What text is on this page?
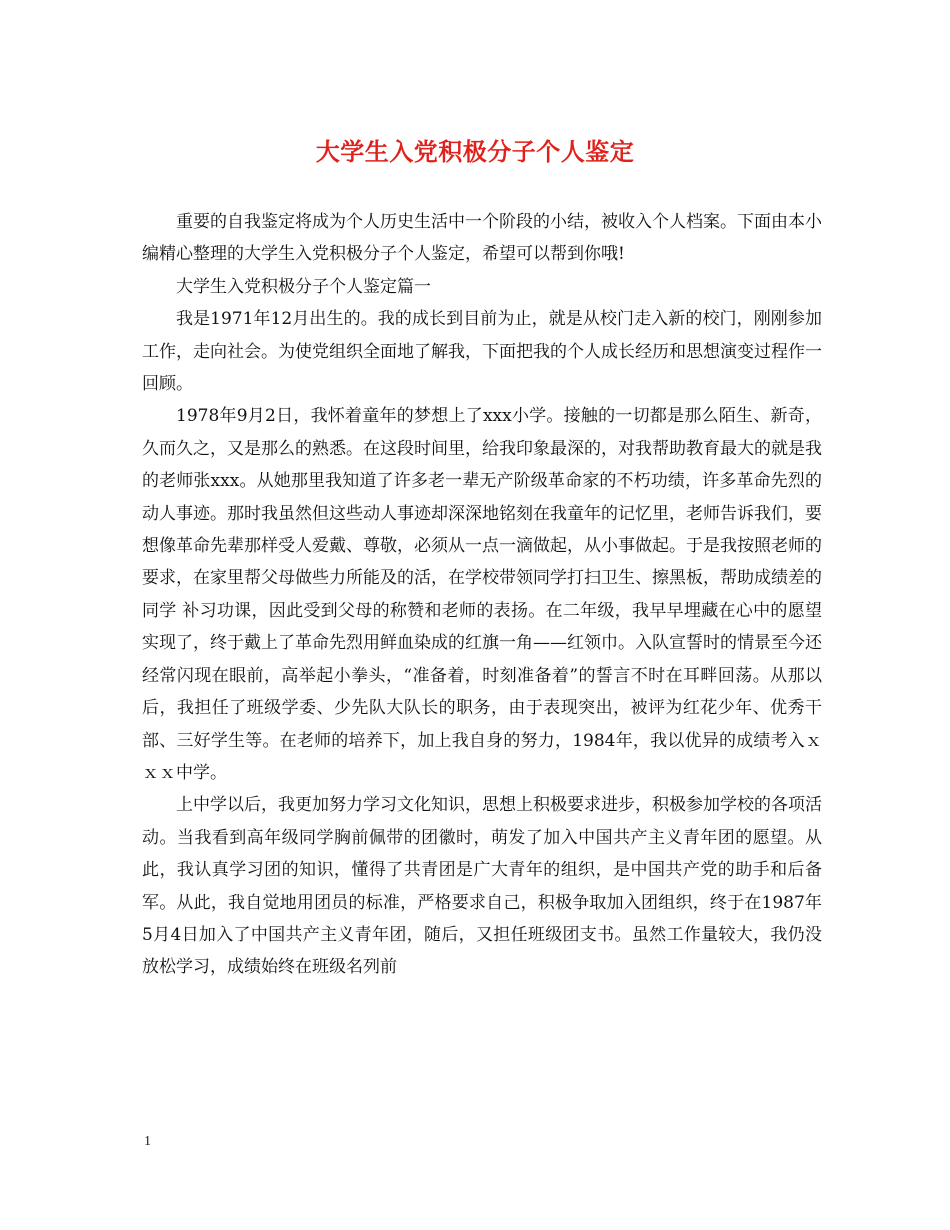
大学生入党积极分子个人鉴定

重要的自我鉴定将成为个人历史生活中一个阶段的小结，被收入个人档案。下面由本小编精心整理的大学生入党积极分子个人鉴定，希望可以帮到你哦!

大学生入党积极分子个人鉴定篇一

我是1971年12月出生的。我的成长到目前为止，就是从校门走入新的校门，刚刚参加工作，走向社会。为使党组织全面地了解我，下面把我的个人成长经历和思想演变过程作一回顾。

1978年9月2日，我怀着童年的梦想上了xxx小学。接触的一切都是那么陌生、新奇，久而久之，又是那么的熟悉。在这段时间里，给我印象最深的，对我帮助教育最大的就是我的老师张xxx。从她那里我知道了许多老一辈无产阶级革命家的不朽功绩，许多革命先烈的动人事迹。那时我虽然但这些动人事迹却深深地铭刻在我童年的记忆里，老师告诉我们，要想像革命先辈那样受人爱戴、尊敬，必须从一点一滴做起，从小事做起。于是我按照老师的要求，在家里帮父母做些力所能及的活，在学校带领同学打扫卫生、擦黑板，帮助成绩差的同学 补习功课，因此受到父母的称赞和老师的表扬。在二年级，我早早埋藏在心中的愿望实现了，终于戴上了革命先烈用鲜血染成的红旗一角——红领巾。入队宣誓时的情景至今还经常闪现在眼前，高举起小拳头，“准备着，时刻准备着”的誓言不时在耳畔回荡。从那以后，我担任了班级学委、少先队大队长的职务，由于表现突出，被评为红花少年、优秀干部、三好学生等。在老师的培养下，加上我自身的努力，1984年，我以优异的成绩考入ｘｘｘ中学。

上中学以后，我更加努力学习文化知识，思想上积极要求进步，积极参加学校的各项活动。当我看到高年级同学胸前佩带的团徽时，萌发了加入中国共产主义青年团的愿望。从此，我认真学习团的知识，懂得了共青团是广大青年的组织，是中国共产党的助手和后备军。从此，我自觉地用团员的标准，严格要求自己，积极争取加入团组织，终于在1987年5月4日加入了中国共产主义青年团，随后，又担任班级团支书。虽然工作量较大，我仍没放松学习，成绩始终在班级名列前

1
